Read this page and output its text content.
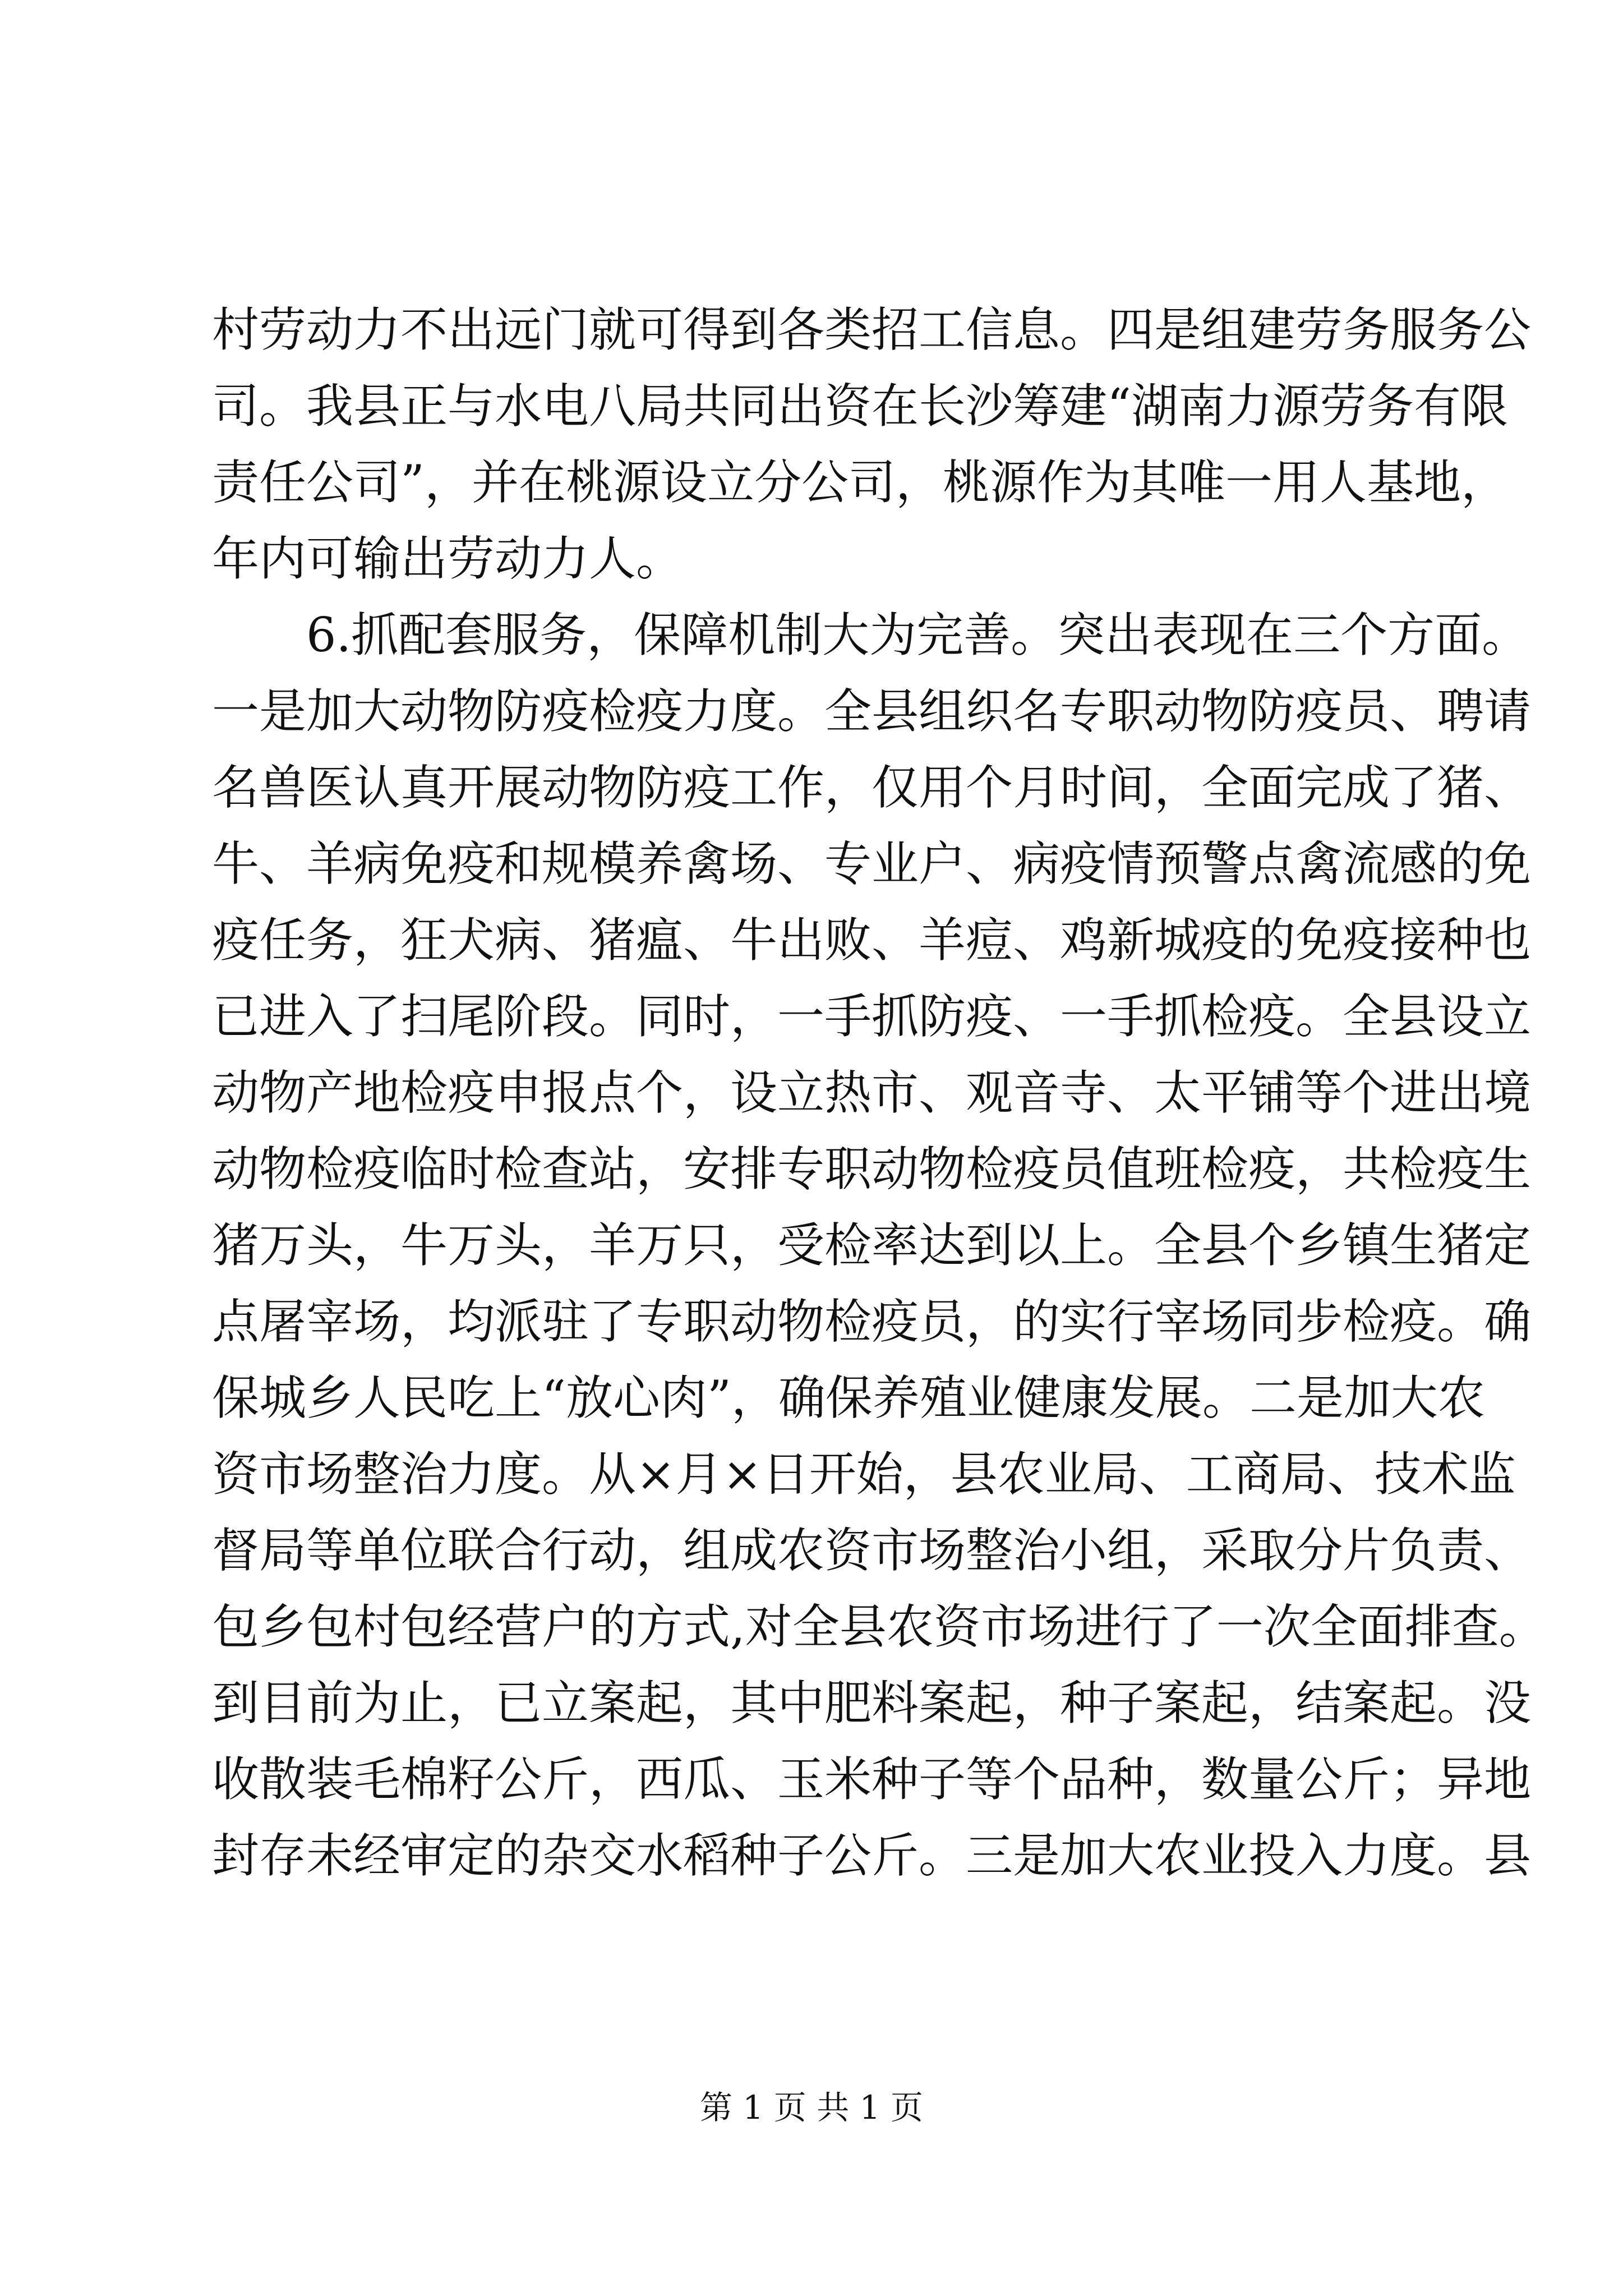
村劳动力不出远门就可得到各类招工信息。四是组建劳务服务公
司。我县正与水电八局共同出资在长沙筹建“湖南力源劳务有限
责任公司”，并在桃源设立分公司，桃源作为其唯一用人基地，
年内可输出劳动力人。
6.抓配套服务，保障机制大为完善。突出表现在三个方面。
一是加大动物防疫检疫力度。全县组织名专职动物防疫员、聘请
名兽医认真开展动物防疫工作，仅用个月时间，全面完成了猪、
牛、羊病免疫和规模养禽场、专业户、病疫情预警点禽流感的免
疫任务，狂犬病、猪瘟、牛出败、羊痘、鸡新城疫的免疫接种也
已进入了扫尾阶段。同时，一手抓防疫、一手抓检疫。全县设立
动物产地检疫申报点个，设立热市、观音寺、太平铺等个进出境
动物检疫临时检查站，安排专职动物检疫员值班检疫，共检疫生
猪万头，牛万头，羊万只，受检率达到以上。全县个乡镇生猪定
点屠宰场，均派驻了专职动物检疫员，的实行宰场同步检疫。确
保城乡人民吃上“放心肉”，确保养殖业健康发展。二是加大农
资市场整治力度。从×月×日开始，县农业局、工商局、技术监
督局等单位联合行动，组成农资市场整治小组，采取分片负责、
包乡包村包经营户的方式,对全县农资市场进行了一次全面排查。
到目前为止，已立案起，其中肥料案起，种子案起，结案起。没
收散装毛棉籽公斤，西瓜、玉米种子等个品种，数量公斤；异地
封存未经审定的杂交水稻种子公斤。三是加大农业投入力度。县
第 1 页 共 1 页
